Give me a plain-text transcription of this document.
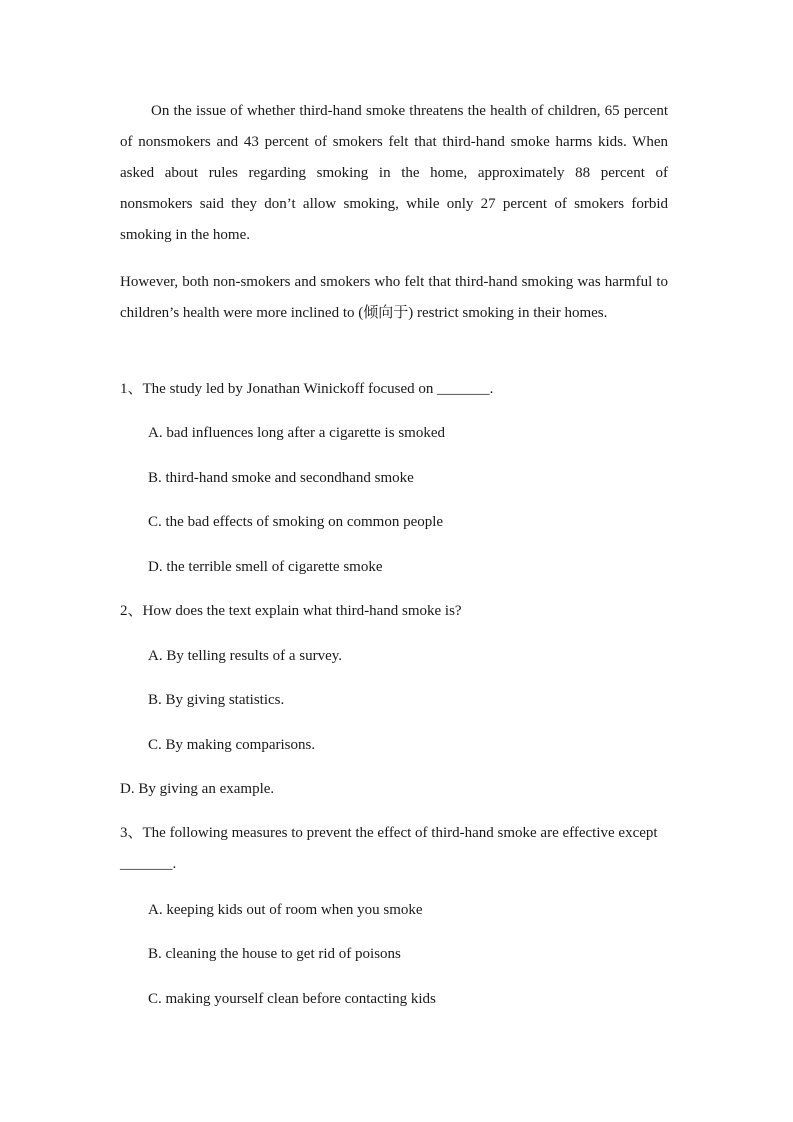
On the issue of whether third-hand smoke threatens the health of children, 65 percent of nonsmokers and 43 percent of smokers felt that third-hand smoke harms kids. When asked about rules regarding smoking in the home, approximately 88 percent of nonsmokers said they don’t allow smoking, while only 27 percent of smokers forbid smoking in the home.

However, both non-smokers and smokers who felt that third-hand smoking was harmful to children’s health were more inclined to (倾向于) restrict smoking in their homes.

1、The study led by Jonathan Winickoff focused on _______.

A. bad influences long after a cigarette is smoked

B. third-hand smoke and secondhand smoke

C. the bad effects of smoking on common people

D. the terrible smell of cigarette smoke

2、How does the text explain what third-hand smoke is?

A. By telling results of a survey.

B. By giving statistics.

C. By making comparisons.

D. By giving an example.

3、The following measures to prevent the effect of third-hand smoke are effective except _______.

A. keeping kids out of room when you smoke

B. cleaning the house to get rid of poisons

C. making yourself clean before contacting kids
